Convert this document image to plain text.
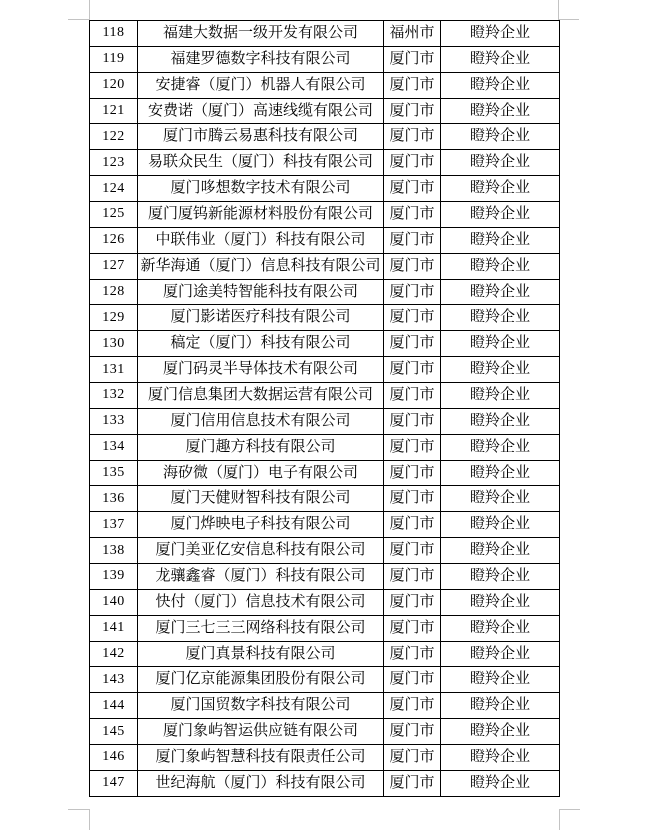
118	福建大数据一级开发有限公司	福州市	瞪羚企业
119	福建罗德数字科技有限公司	厦门市	瞪羚企业
120	安捷睿（厦门）机器人有限公司	厦门市	瞪羚企业
121	安费诺（厦门）高速线缆有限公司	厦门市	瞪羚企业
122	厦门市腾云易惠科技有限公司	厦门市	瞪羚企业
123	易联众民生（厦门）科技有限公司	厦门市	瞪羚企业
124	厦门哆想数字技术有限公司	厦门市	瞪羚企业
125	厦门厦钨新能源材料股份有限公司	厦门市	瞪羚企业
126	中联伟业（厦门）科技有限公司	厦门市	瞪羚企业
127	新华海通（厦门）信息科技有限公司	厦门市	瞪羚企业
128	厦门途美特智能科技有限公司	厦门市	瞪羚企业
129	厦门影诺医疗科技有限公司	厦门市	瞪羚企业
130	稿定（厦门）科技有限公司	厦门市	瞪羚企业
131	厦门码灵半导体技术有限公司	厦门市	瞪羚企业
132	厦门信息集团大数据运营有限公司	厦门市	瞪羚企业
133	厦门信用信息技术有限公司	厦门市	瞪羚企业
134	厦门趣方科技有限公司	厦门市	瞪羚企业
135	海矽微（厦门）电子有限公司	厦门市	瞪羚企业
136	厦门天健财智科技有限公司	厦门市	瞪羚企业
137	厦门烨映电子科技有限公司	厦门市	瞪羚企业
138	厦门美亚亿安信息科技有限公司	厦门市	瞪羚企业
139	龙骧鑫睿（厦门）科技有限公司	厦门市	瞪羚企业
140	快付（厦门）信息技术有限公司	厦门市	瞪羚企业
141	厦门三七三三网络科技有限公司	厦门市	瞪羚企业
142	厦门真景科技有限公司	厦门市	瞪羚企业
143	厦门亿京能源集团股份有限公司	厦门市	瞪羚企业
144	厦门国贸数字科技有限公司	厦门市	瞪羚企业
145	厦门象屿智运供应链有限公司	厦门市	瞪羚企业
146	厦门象屿智慧科技有限责任公司	厦门市	瞪羚企业
147	世纪海航（厦门）科技有限公司	厦门市	瞪羚企业
